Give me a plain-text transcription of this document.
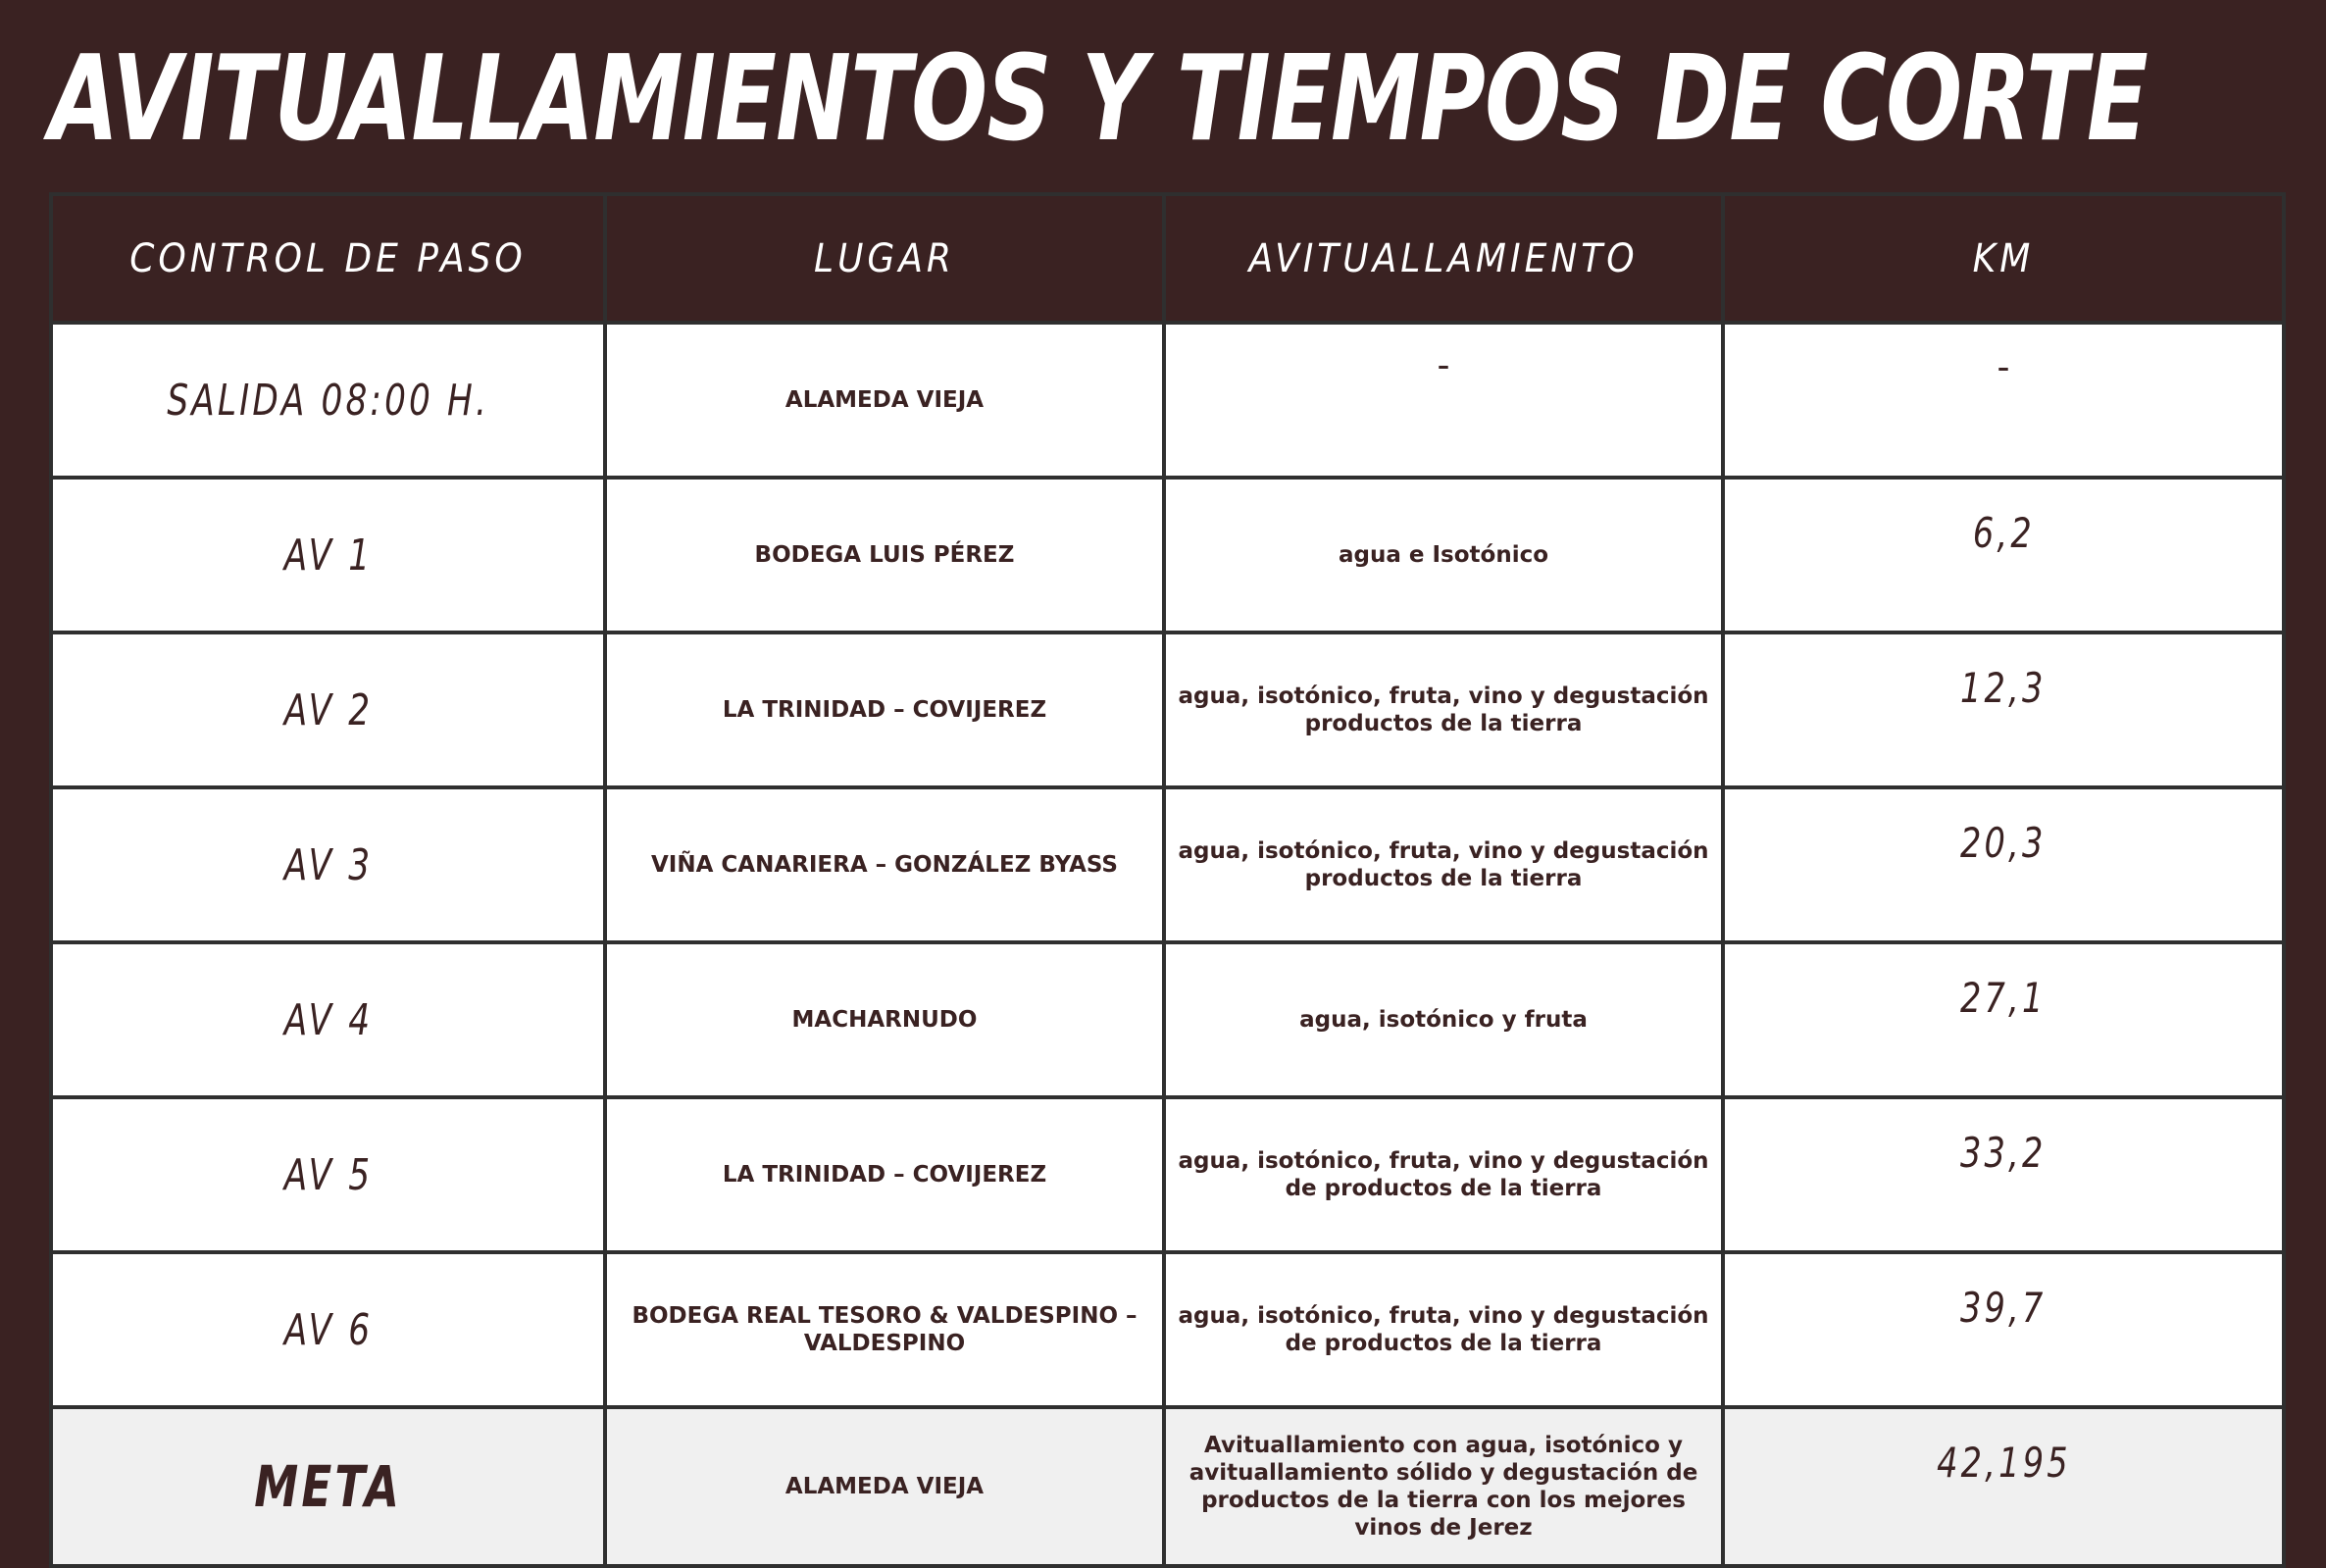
AVITUALLAMIENTOS Y TIEMPOS DE CORTE
CONTROL DE PASO	LUGAR	AVITUALLAMIENTO	KM
SALIDA 08:00 H.	ALAMEDA VIEJA	–	–
AV 1	BODEGA LUIS PÉREZ	agua e Isotónico	6,2
AV 2	LA TRINIDAD – COVIJEREZ	agua, isotónico, fruta, vino y degustación productos de la tierra	12,3
AV 3	VIÑA CANARIERA – GONZÁLEZ BYASS	agua, isotónico, fruta, vino y degustación productos de la tierra	20,3
AV 4	MACHARNUDO	agua, isotónico y fruta	27,1
AV 5	LA TRINIDAD – COVIJEREZ	agua, isotónico, fruta, vino y degustación de productos de la tierra	33,2
AV 6	BODEGA REAL TESORO & VALDESPINO – VALDESPINO	agua, isotónico, fruta, vino y degustación de productos de la tierra	39,7
META	ALAMEDA VIEJA	Avituallamiento con agua, isotónico y avituallamiento sólido y degustación de productos de la tierra con los mejores vinos de Jerez	42,195
